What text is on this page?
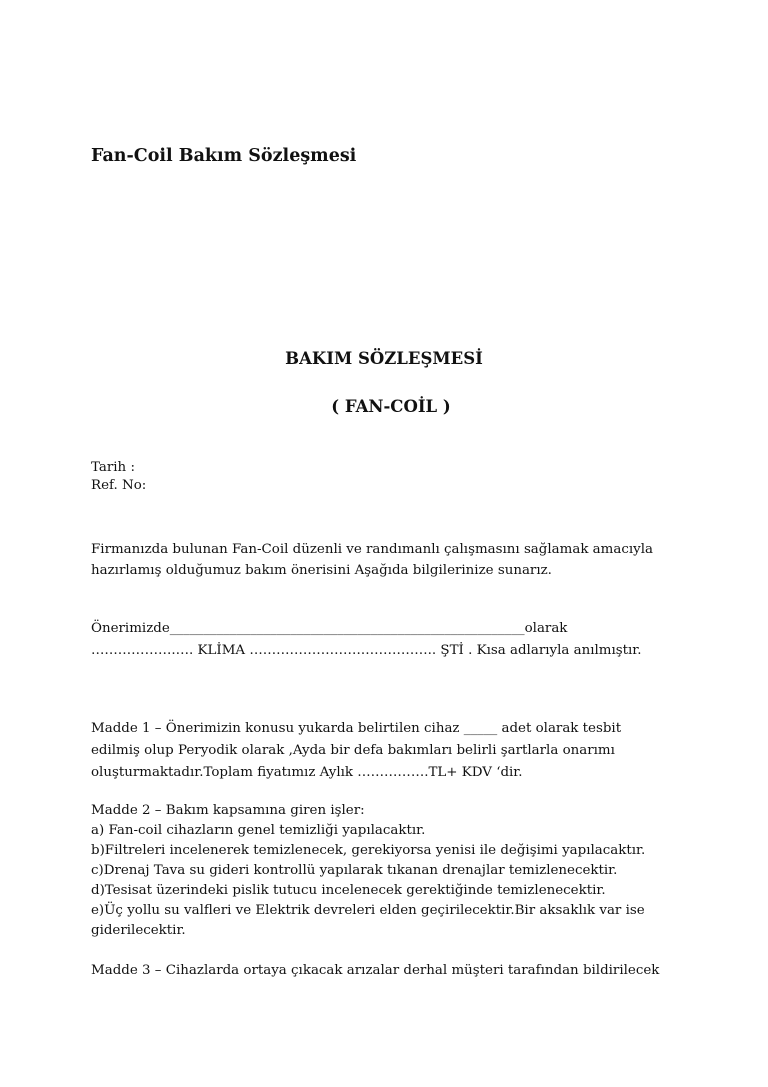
Fan-Coil Bakım Sözleşmesi
BAKIM SÖZLEŞMESİ
( FAN-COİL )

Tarih :

Ref. No:

Firmanızda bulunan Fan-Coil düzenli ve randımanlı çalışmasını sağlamak amacıyla

hazırlamış olduğumuz bakım önerisini Aşağıda bilgilerinize sunarız.

Önerimizde_____________________________________________________olarak

……………….…. KLİMA …………………….…………….. ŞTİ . Kısa adlarıyla anılmıştır.

Madde 1 – Önerimizin konusu yukarda belirtilen cihaz _____ adet olarak tesbit

edilmiş olup Peryodik olarak ,Ayda bir defa bakımları belirli şartlarla onarımı

oluşturmaktadır.Toplam fiyatımız Aylık …………….TL+ KDV ‘dir.

Madde 2 – Bakım kapsamına giren işler:

a) Fan-coil cihazların genel temizliği yapılacaktır.

b)Filtreleri incelenerek temizlenecek, gerekiyorsa yenisi ile değişimi yapılacaktır.

c)Drenaj Tava su gideri kontrollü yapılarak tıkanan drenajlar temizlenecektir.

d)Tesisat üzerindeki pislik tutucu incelenecek gerektiğinde temizlenecektir.

e)Üç yollu su valfleri ve Elektrik devreleri elden geçirilecektir.Bir aksaklık var ise

giderilecektir.

Madde 3 – Cihazlarda ortaya çıkacak arızalar derhal müşteri tarafından bildirilecek
